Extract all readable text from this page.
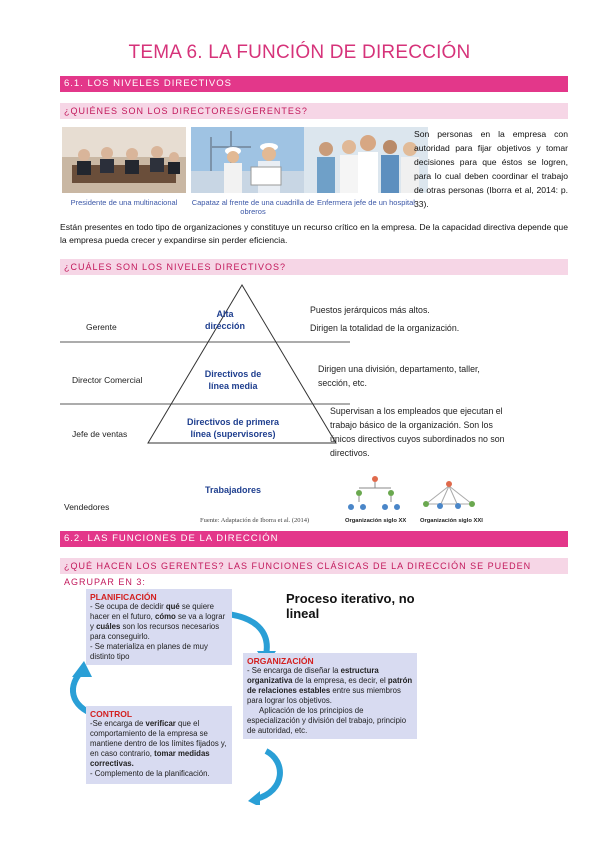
TEMA 6. LA FUNCIÓN DE DIRECCIÓN
6.1. LOS NIVELES DIRECTIVOS
¿QUIÉNES SON LOS DIRECTORES/GERENTES?
Presidente de una multinacional	Capataz al frente de una cuadrilla de obreros
Enfermera jefe de un hospital
Son personas en la empresa con autoridad para fijar objetivos y tomar decisiones para que éstos se logren, para lo cual deben coordinar el trabajo de otras personas (Iborra et al, 2014: p. 33).
Están presentes en todo tipo de organizaciones y constituye un recurso crítico en la empresa. De la capacidad directiva depende que la empresa pueda crecer y expandirse sin perder eficiencia.
¿CUÁLES SON LOS NIVELES DIRECTIVOS?
Gerente
Director Comercial
Jefe de ventas
Vendedores
Alta dirección
Directivos de línea media
Directivos de primera línea (supervisores)
Trabajadores
Puestos jerárquicos más altos.
Dirigen la totalidad de la organización.
Dirigen una división, departamento, taller, sección, etc.
Supervisan a los empleados que ejecutan el trabajo básico de la organización. Son los únicos directivos cuyos subordinados no son directivos.
Fuente: Adaptación de Iborra et al. (2014)	Organización siglo XX Organización siglo XXI
6.2. LAS FUNCIONES DE LA DIRECCIÓN
¿QUÉ HACEN LOS GERENTES? LAS FUNCIONES CLÁSICAS DE LA DIRECCIÓN SE PUEDEN AGRUPAR EN 3:
Proceso iterativo, no lineal
PLANIFICACIÓN
- Se ocupa de decidir qué se quiere hacer en el futuro, cómo se va a lograr y cuáles son los recursos necesarios para conseguirlo.
- Se materializa en planes de muy distinto tipo	ORGANIZACIÓN
- Se encarga de diseñar la estructura organizativa de la empresa, es decir, el patrón de relaciones estables entre sus miembros para lograr los objetivos.
Aplicación de los principios de especialización y división del trabajo, principio de autoridad, etc.
CONTROL
-Se encarga de verificar que el comportamiento de la empresa se mantiene dentro de los límites fijados y, en caso contrario, tomar medidas correctivas.
- Complemento de la planificación.
